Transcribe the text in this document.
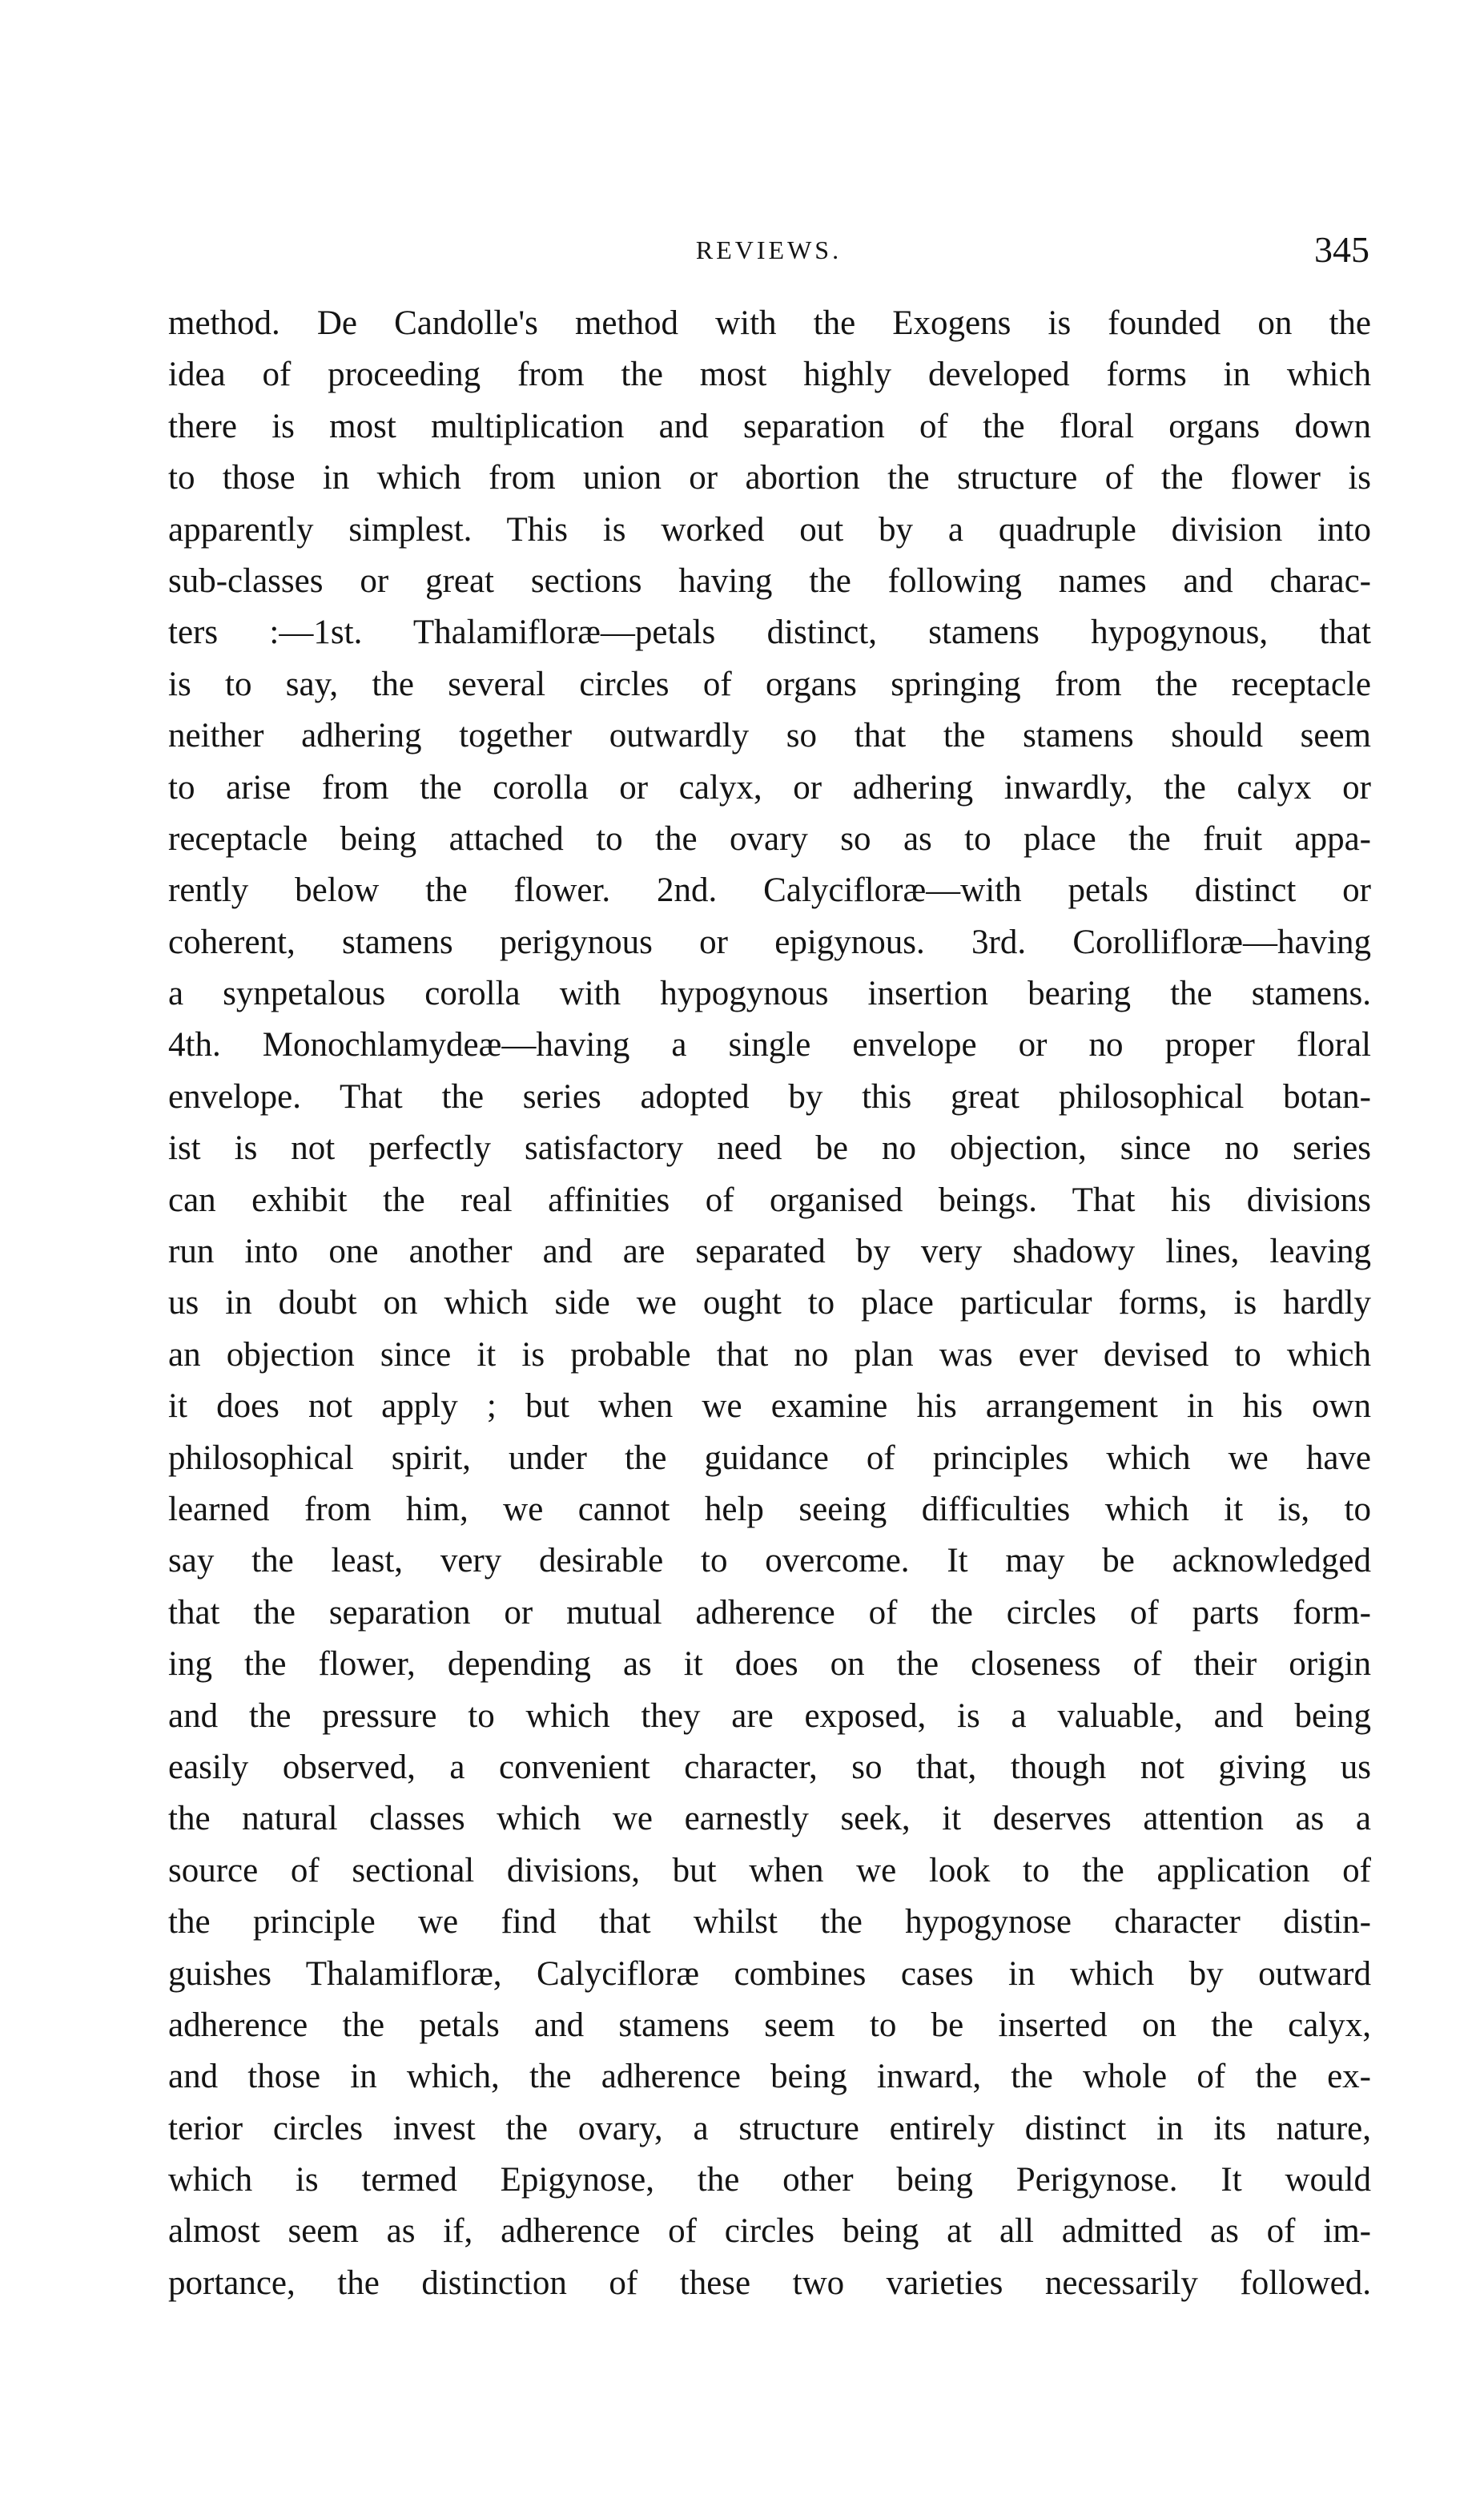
REVIEWS.	345
method. De Candolle's method with the Exogens is founded on the
idea of proceeding from the most highly developed forms in which
there is most multiplication and separation of the floral organs down
to those in which from union or abortion the structure of the flower is
apparently simplest. This is worked out by a quadruple division into
sub-classes or great sections having the following names and charac-
ters :—1st. Thalamifloræ—petals distinct, stamens hypogynous, that
is to say, the several circles of organs springing from the receptacle
neither adhering together outwardly so that the stamens should seem
to arise from the corolla or calyx, or adhering inwardly, the calyx or
receptacle being attached to the ovary so as to place the fruit appa-
rently below the flower. 2nd. Calycifloræ—with petals distinct or
coherent, stamens perigynous or epigynous. 3rd. Corollifloræ—having
a synpetalous corolla with hypogynous insertion bearing the stamens.
4th. Monochlamydeæ—having a single envelope or no proper floral
envelope. That the series adopted by this great philosophical botan-
ist is not perfectly satisfactory need be no objection, since no series
can exhibit the real affinities of organised beings. That his divisions
run into one another and are separated by very shadowy lines, leaving
us in doubt on which side we ought to place particular forms, is hardly
an objection since it is probable that no plan was ever devised to which
it does not apply ; but when we examine his arrangement in his own
philosophical spirit, under the guidance of principles which we have
learned from him, we cannot help seeing difficulties which it is, to
say the least, very desirable to overcome. It may be acknowledged
that the separation or mutual adherence of the circles of parts form-
ing the flower, depending as it does on the closeness of their origin
and the pressure to which they are exposed, is a valuable, and being
easily observed, a convenient character, so that, though not giving us
the natural classes which we earnestly seek, it deserves attention as a
source of sectional divisions, but when we look to the application of
the principle we find that whilst the hypogynose character distin-
guishes Thalamifloræ, Calycifloræ combines cases in which by outward
adherence the petals and stamens seem to be inserted on the calyx,
and those in which, the adherence being inward, the whole of the ex-
terior circles invest the ovary, a structure entirely distinct in its nature,
which is termed Epigynose, the other being Perigynose. It would
almost seem as if, adherence of circles being at all admitted as of im-
portance, the distinction of these two varieties necessarily followed.
